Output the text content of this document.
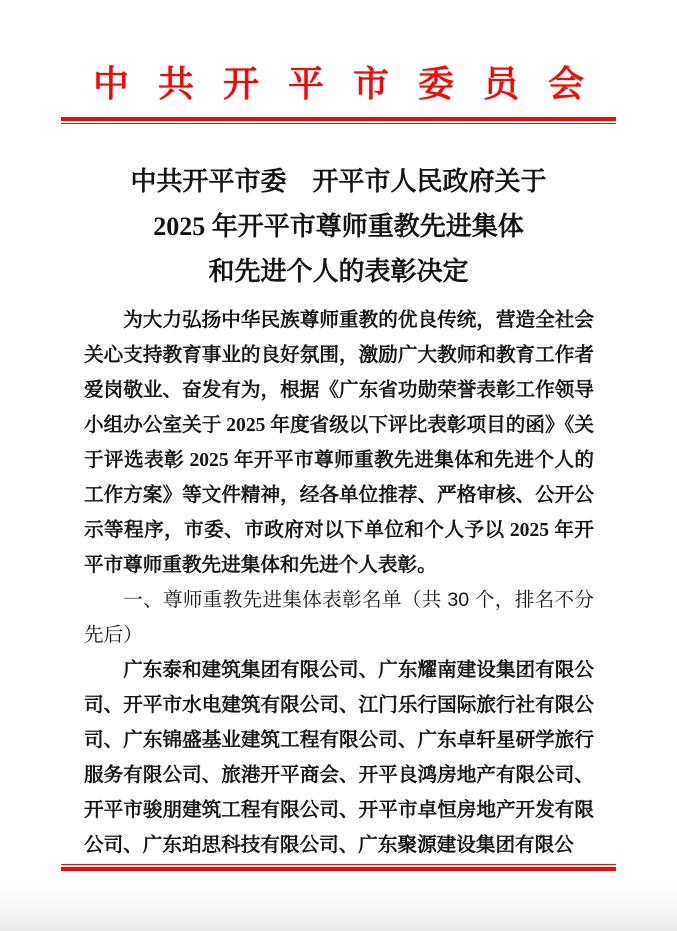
中共开平市委员会
中共开平市委　开平市人民政府关于
2025 年开平市尊师重教先进集体
和先进个人的表彰决定

为大力弘扬中华民族尊师重教的优良传统，营造全社会关心支持教育事业的良好氛围，激励广大教师和教育工作者爱岗敬业、奋发有为，根据《广东省功勋荣誉表彰工作领导小组办公室关于 2025 年度省级以下评比表彰项目的函》《关于评选表彰 2025 年开平市尊师重教先进集体和先进个人的工作方案》等文件精神，经各单位推荐、严格审核、公开公示等程序，市委、市政府对以下单位和个人予以 2025 年开平市尊师重教先进集体和先进个人表彰。

一、尊师重教先进集体表彰名单（共 30 个，排名不分先后）

广东泰和建筑集团有限公司、广东耀南建设集团有限公司、开平市水电建筑有限公司、江门乐行国际旅行社有限公司、广东锦盛基业建筑工程有限公司、广东卓轩星研学旅行服务有限公司、旅港开平商会、开平良鸿房地产有限公司、开平市骏朋建筑工程有限公司、开平市卓恒房地产开发有限公司、广东珀思科技有限公司、广东聚源建设集团有限公
